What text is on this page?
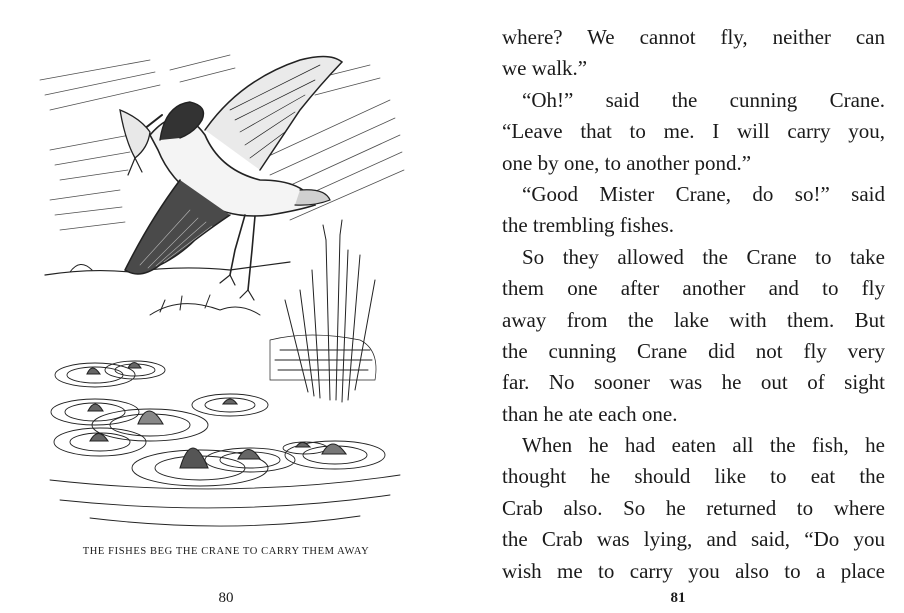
THE FISHES BEG THE CRANE TO CARRY THEM AWAY
80
where? We cannot fly, neither can
we walk.”
“Oh!” said the cunning Crane.
“Leave that to me. I will carry you,
one by one, to another pond.”
“Good Mister Crane, do so!” said
the trembling fishes.
So they allowed the Crane to take
them one after another and to fly
away from the lake with them. But
the cunning Crane did not fly very
far. No sooner was he out of sight
than he ate each one.
When he had eaten all the fish, he
thought he should like to eat the
Crab also. So he returned to where
the Crab was lying, and said, “Do you
wish me to carry you also to a place
81
